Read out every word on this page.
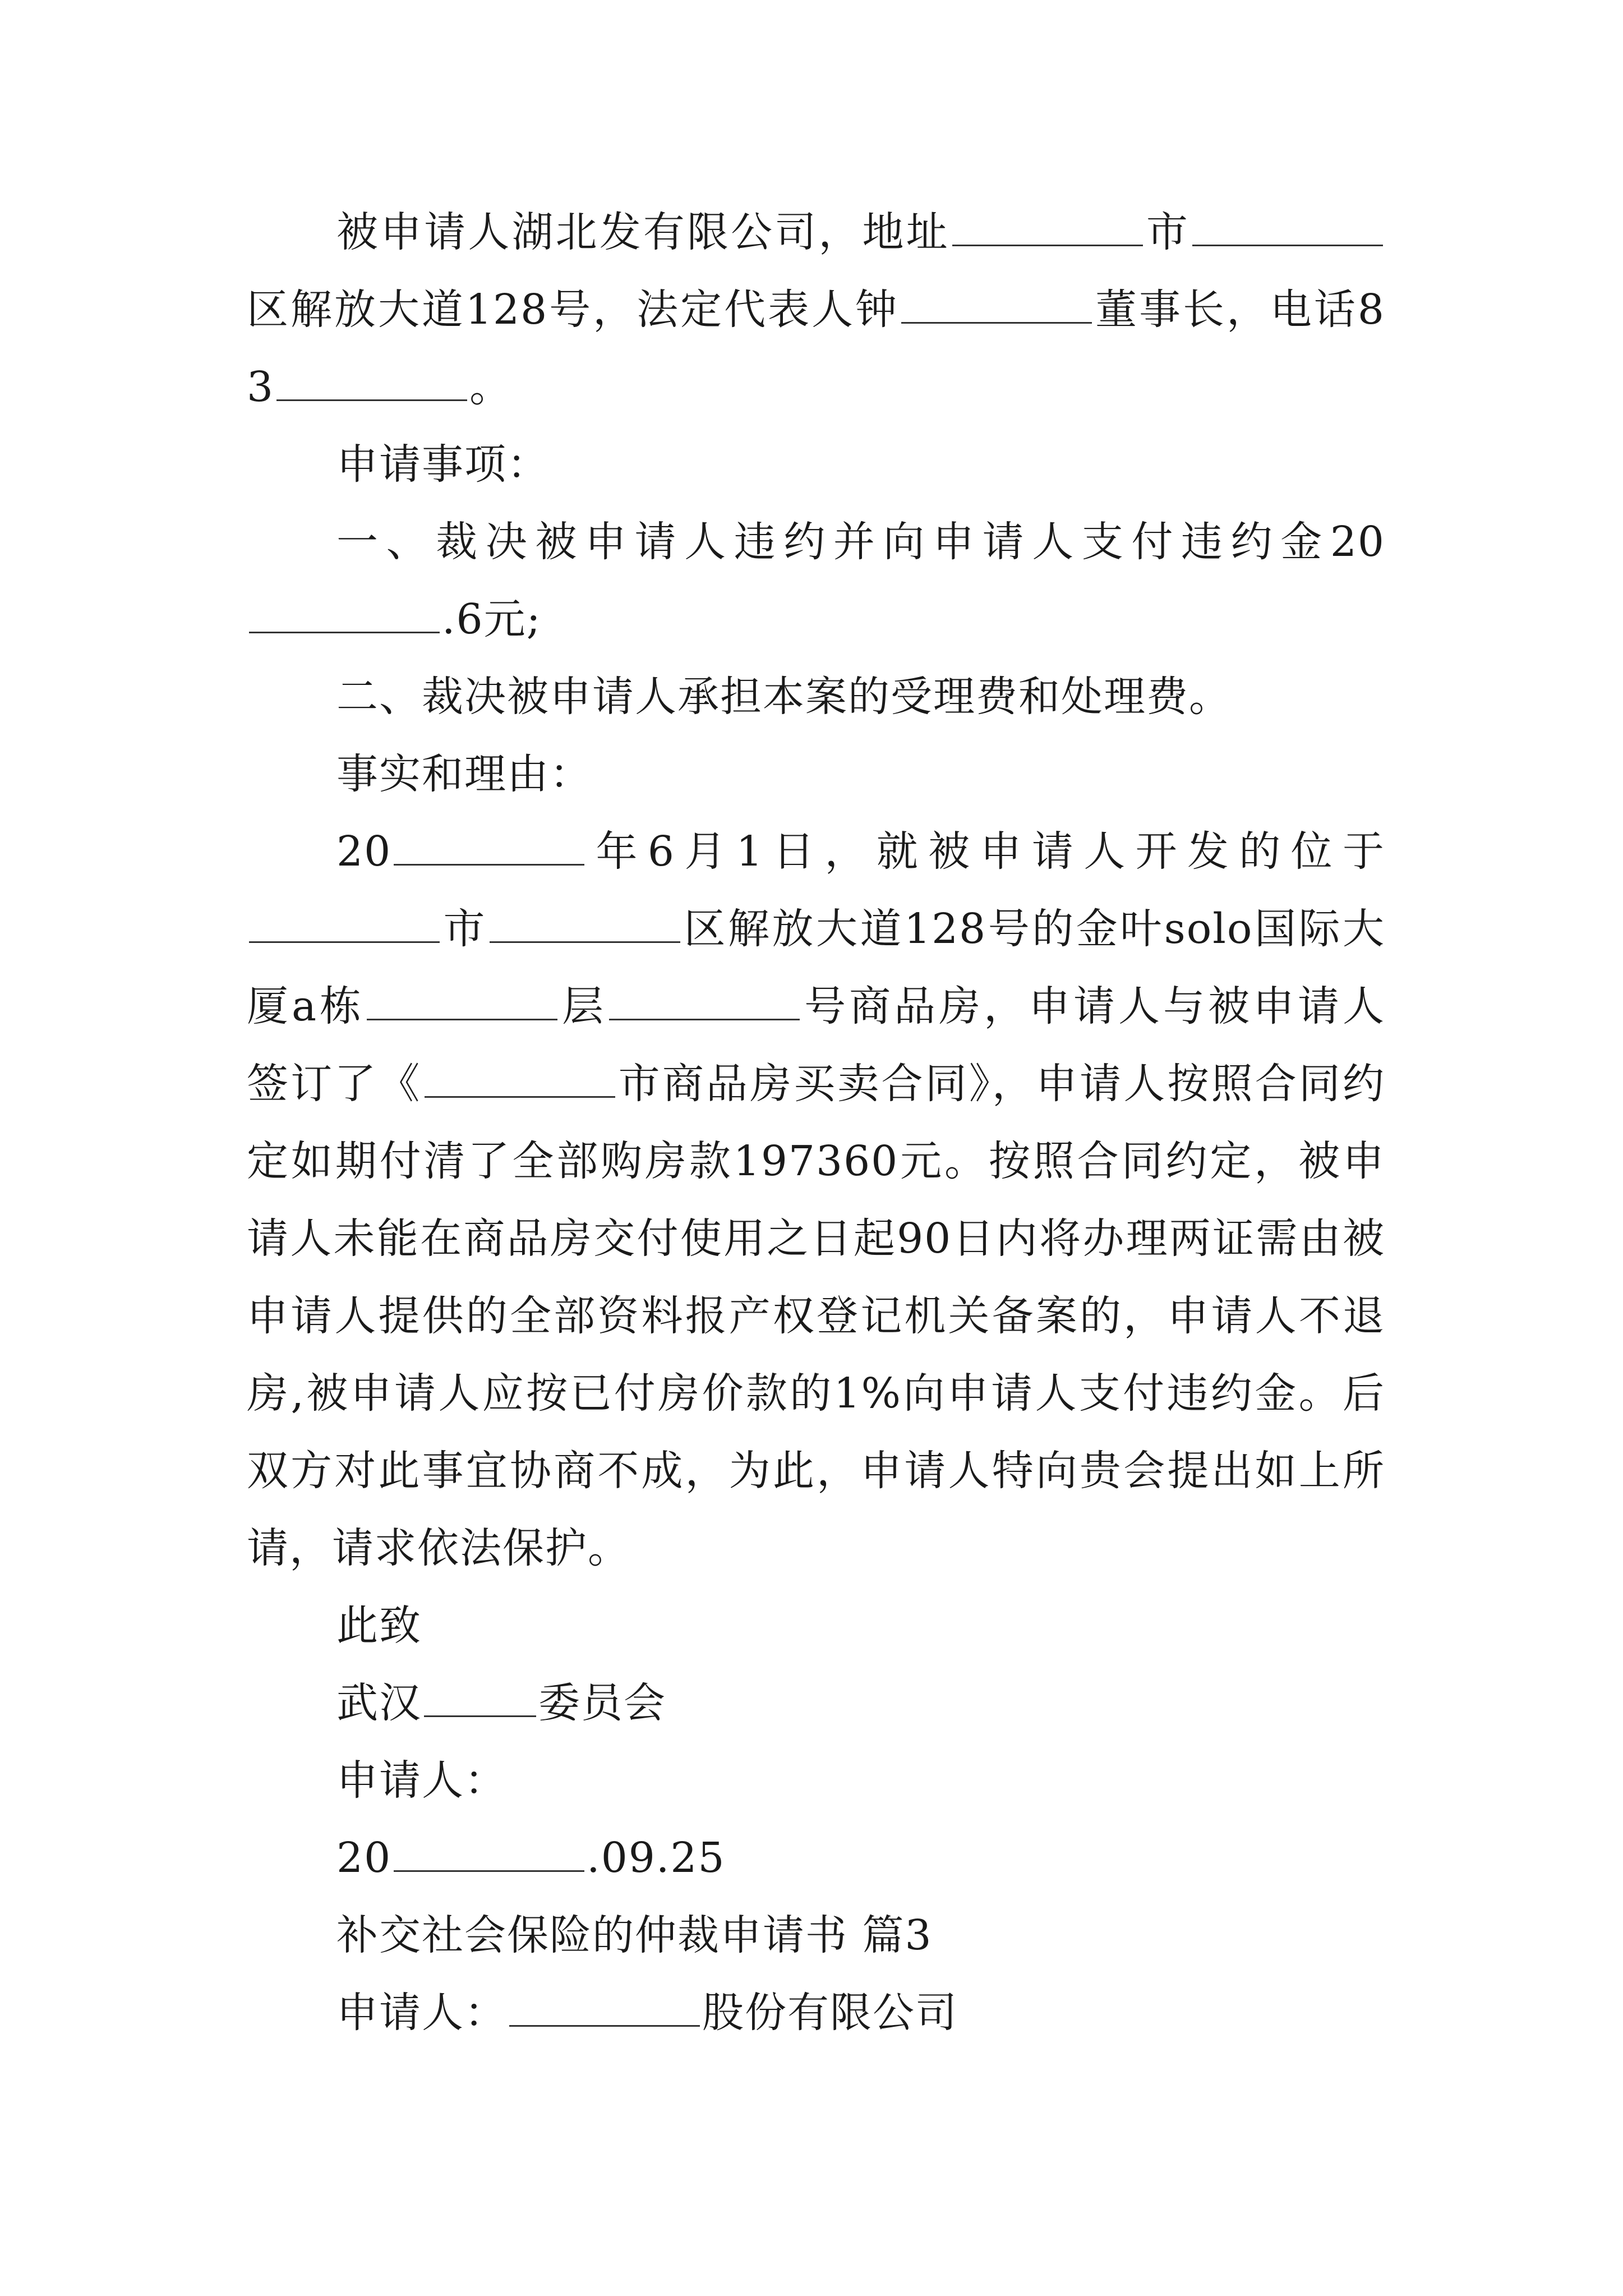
被申请人湖北发有限公司，地址	市区解放大道128号，法定代表人钟	董事长，电话83	。

申请事项：

一、裁决被申请人违约并向申请人支付违约金20.6元;

二、裁决被申请人承担本案的受理费和处理费。

事实和理由：

20	年6月1日，就被申请人开发的位于市	区解放大道128号的金叶solo国际大厦a栋	层	号商品房，申请人与被申请人签订了《	市商品房买卖合同》，申请人按照合同约定如期付清了全部购房款197360元。按照合同约定，被申请人未能在商品房交付使用之日起90日内将办理两证需由被申请人提供的全部资料报产权登记机关备案的，申请人不退房,被申请人应按已付房价款的1%向申请人支付违约金。后双方对此事宜协商不成，为此，申请人特向贵会提出如上所请，请求依法保护。

此致

武汉	委员会

申请人：

20	.09.25

补交社会保险的仲裁申请书 篇3

申请人：	股份有限公司
